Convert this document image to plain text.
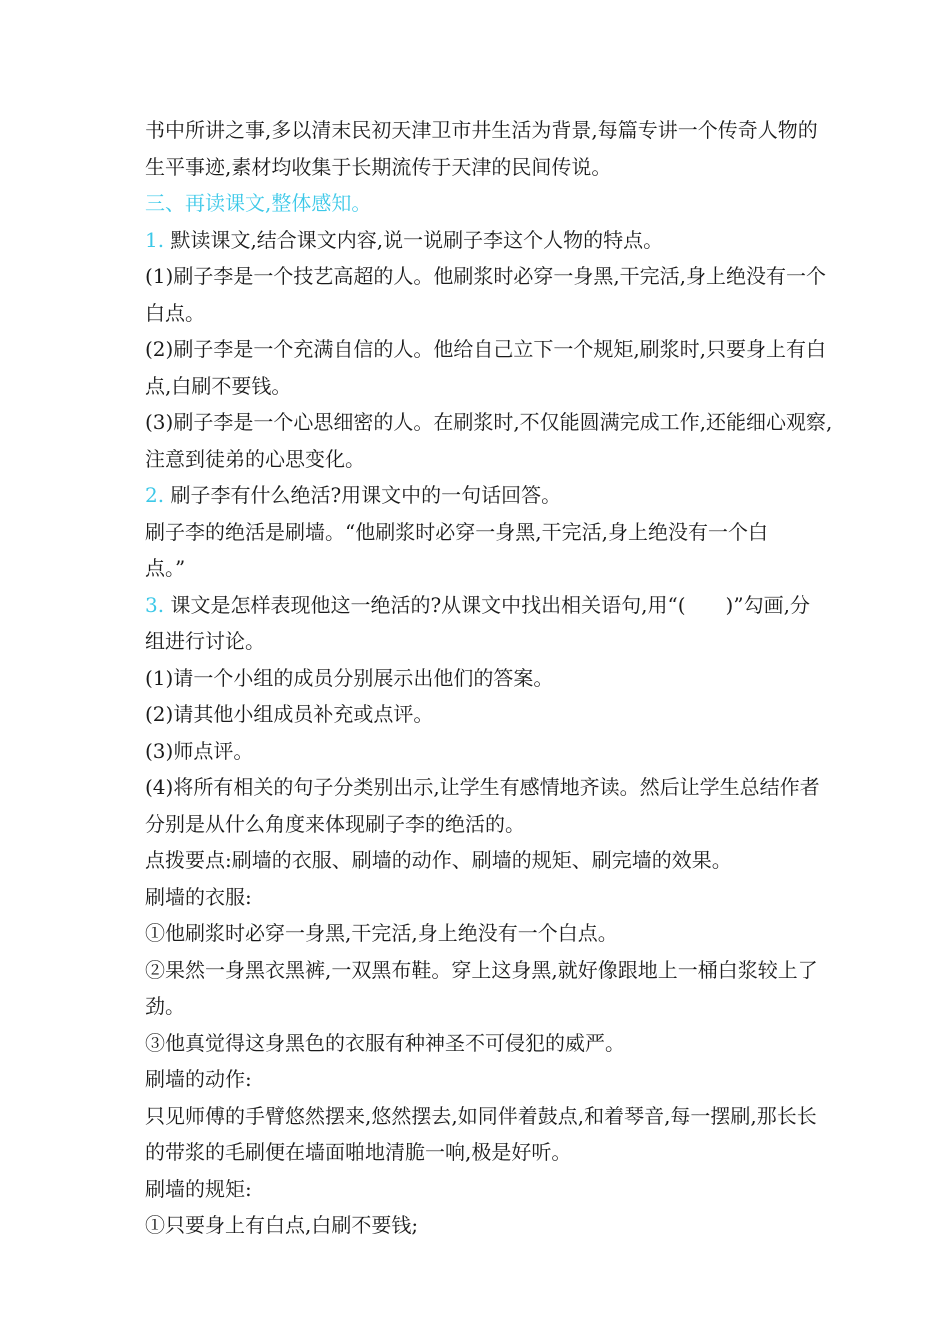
书中所讲之事,多以清末民初天津卫市井生活为背景,每篇专讲一个传奇人物的
生平事迹,素材均收集于长期流传于天津的民间传说。
三、再读课文,整体感知。
1. 默读课文,结合课文内容,说一说刷子李这个人物的特点。
(1)刷子李是一个技艺高超的人。他刷浆时必穿一身黑,干完活,身上绝没有一个
白点。
(2)刷子李是一个充满自信的人。他给自己立下一个规矩,刷浆时,只要身上有白
点,白刷不要钱。
(3)刷子李是一个心思细密的人。在刷浆时,不仅能圆满完成工作,还能细心观察,
注意到徒弟的心思变化。
2. 刷子李有什么绝活?用课文中的一句话回答。
刷子李的绝活是刷墙。“他刷浆时必穿一身黑,干完活,身上绝没有一个白
点。”
3. 课文是怎样表现他这一绝活的?从课文中找出相关语句,用“(　　)”勾画,分
组进行讨论。
(1)请一个小组的成员分别展示出他们的答案。
(2)请其他小组成员补充或点评。
(3)师点评。
(4)将所有相关的句子分类别出示,让学生有感情地齐读。然后让学生总结作者
分别是从什么角度来体现刷子李的绝活的。
点拨要点:刷墙的衣服、刷墙的动作、刷墙的规矩、刷完墙的效果。
刷墙的衣服:
①他刷浆时必穿一身黑,干完活,身上绝没有一个白点。
②果然一身黑衣黑裤,一双黑布鞋。穿上这身黑,就好像跟地上一桶白浆较上了
劲。
③他真觉得这身黑色的衣服有种神圣不可侵犯的威严。
刷墙的动作:
只见师傅的手臂悠然摆来,悠然摆去,如同伴着鼓点,和着琴音,每一摆刷,那长长
的带浆的毛刷便在墙面啪地清脆一响,极是好听。
刷墙的规矩:
①只要身上有白点,白刷不要钱;
